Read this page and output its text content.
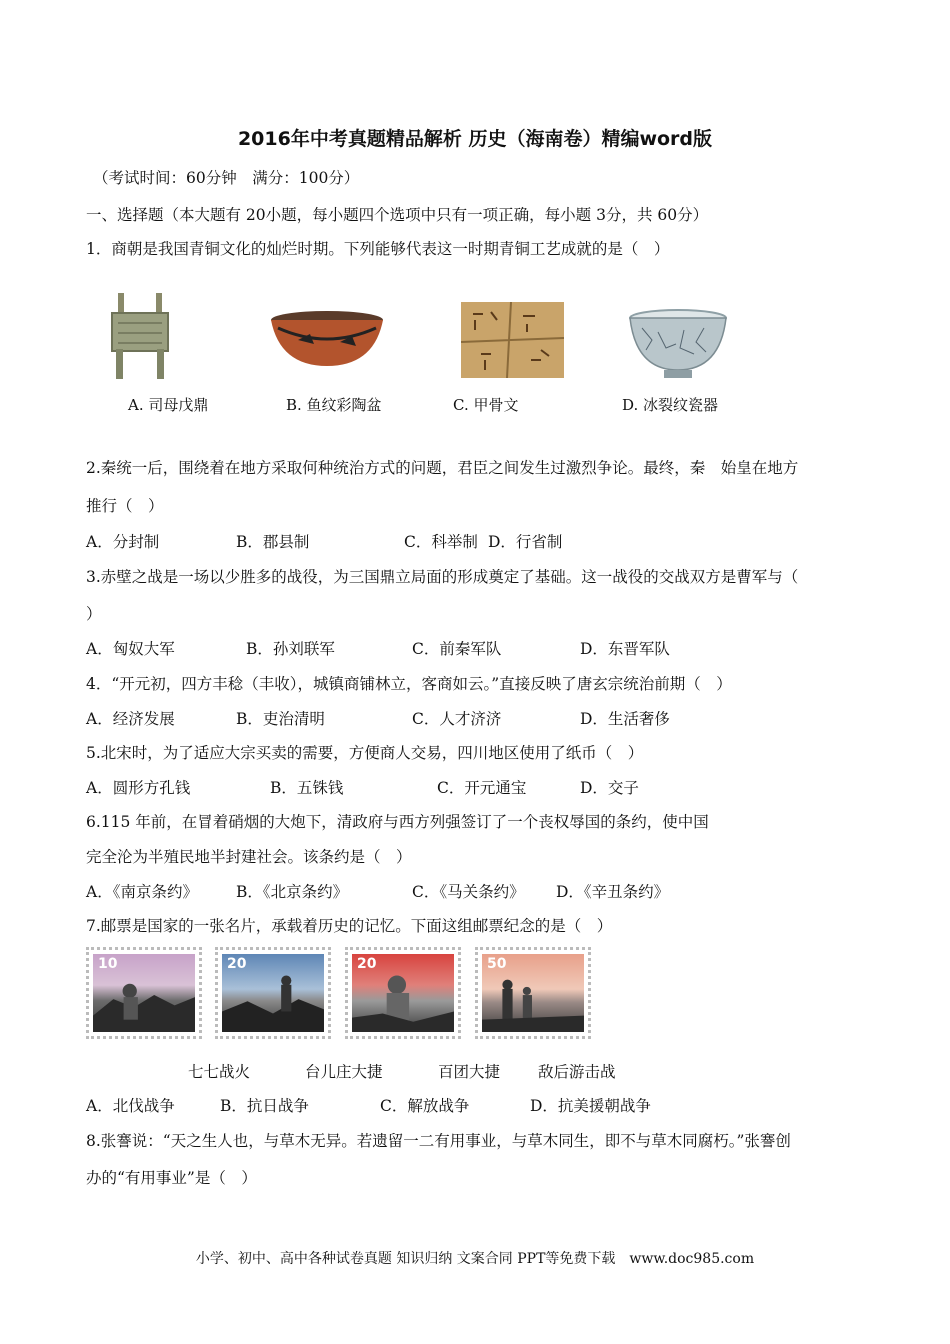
2016年中考真题精品解析 历史（海南卷）精编word版
（考试时间：60分钟　满分：100分）
一、选择题（本大题有 20小题，每小题四个选项中只有一项正确，每小题 3分，共 60分）
1．商朝是我国青铜文化的灿烂时期。下列能够代表这一时期青铜工艺成就的是（　）
A. 司母戊鼎	B. 鱼纹彩陶盆	C. 甲骨文	D. 冰裂纹瓷器
2.秦统一后，围绕着在地方采取何种统治方式的问题，君臣之间发生过激烈争论。最终，秦　始皇在地方
推行（　）
A．分封制	B．郡县制	C．科举制 D．行省制
3.赤壁之战是一场以少胜多的战役，为三国鼎立局面的形成奠定了基础。这一战役的交战双方是曹军与（
）
A．匈奴大军	B．孙刘联军	C．前秦军队	D．东晋军队
4．“开元初，四方丰稔（丰收），城镇商铺林立，客商如云。”直接反映了唐玄宗统治前期（　）
A．经济发展	B．吏治清明	C．人才济济	D．生活奢侈
5.北宋时，为了适应大宗买卖的需要，方便商人交易，四川地区使用了纸币（　）
A．圆形方孔钱	B．五铢钱	C．开元通宝	D．交子
6.115 年前，在冒着硝烟的大炮下，清政府与西方列强签订了一个丧权辱国的条约，使中国
完全沦为半殖民地半封建社会。该条约是（　）
A．《南京条约》 B．《北京条约》	C．《马关条约》 D．《辛丑条约》
7.邮票是国家的一张名片，承载着历史的记忆。下面这组邮票纪念的是（　）
10	20	20	50
七七战火	台儿庄大捷	百团大捷 敌后游击战
A．北伐战争	B．抗日战争	C．解放战争	D．抗美援朝战争
8.张謇说：“天之生人也，与草木无异。若遗留一二有用事业，与草木同生，即不与草木同腐朽。”张謇创
办的“有用事业”是（　）
小学、初中、高中各种试卷真题 知识归纳 文案合同 PPT等免费下载　www.doc985.com
